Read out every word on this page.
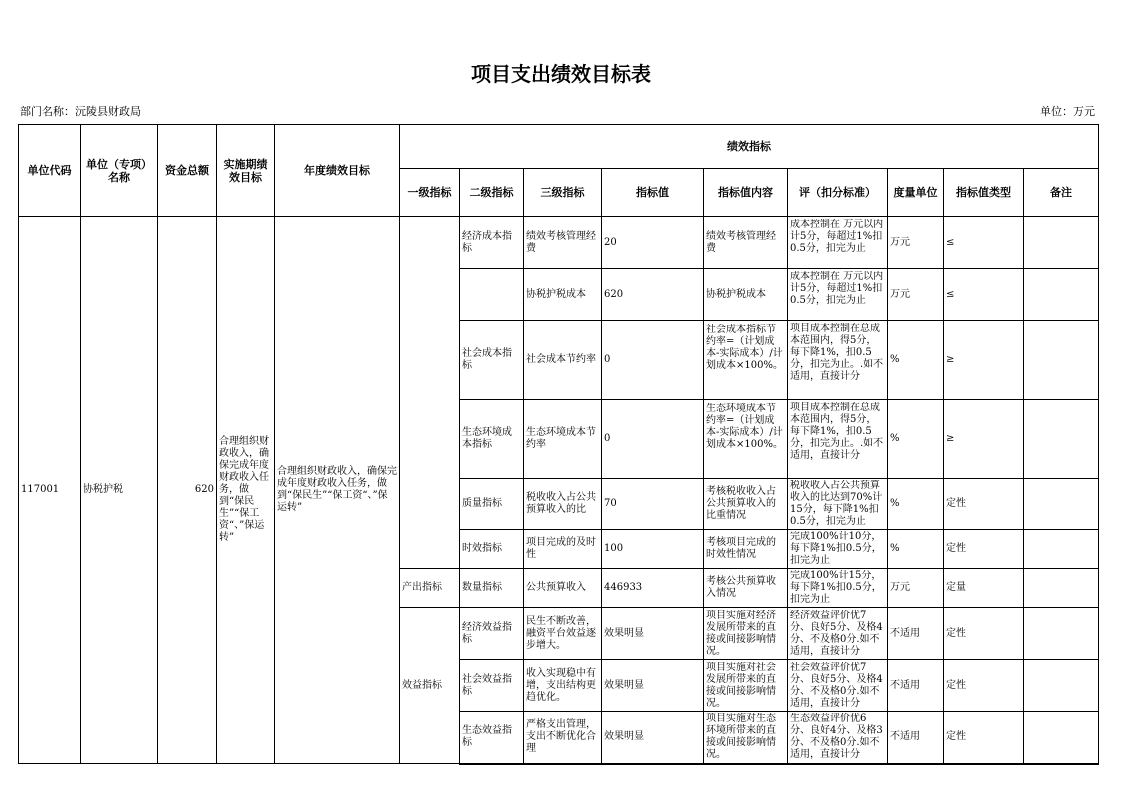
项目支出绩效目标表
部门名称：沅陵县财政局	单位：万元
单位代码	单位（专项）名称	资金总额	实施期绩效目标	年度绩效目标	绩效指标								
					一级指标	二级指标	三级指标	指标值	指标值内容	评（扣分标准）	度量单位	指标值类型	备注
117001	协税护税	620	合理组织财政收入，确保完成年度财政收入任务，做到“保民生”“保工资“、”保运转”	合理组织财政收入，确保完成年度财政收入任务，做到“保民生”“保工资“、”保运转”		经济成本指标	绩效考核管理经费	20	绩效考核管理经费	成本控制在 万元以内计5分，每超过1%扣0.5分，扣完为止	万元	≤	
							协税护税成本	620	协税护税成本	成本控制在 万元以内计5分，每超过1%扣0.5分，扣完为止	万元	≤	
						社会成本指标	社会成本节约率	0	社会成本指标节约率=（计划成本-实际成本）/计划成本×100%。	项目成本控制在总成本范围内，得5分，每下降1%，扣0.5分，扣完为止。.如不适用，直接计分	%	≥	
						生态环境成本指标	生态环境成本节约率	0	生态环境成本节约率=（计划成本-实际成本）/计划成本×100%。	项目成本控制在总成本范围内，得5分，每下降1%，扣0.5分，扣完为止。.如不适用，直接计分	%	≥	
						质量指标	税收收入占公共预算收入的比	70	考核税收收入占公共预算收入的比重情况	税收收入占公共预算收入的比达到70%计15分，每下降1%扣0.5分，扣完为止	%	定性	
						时效指标	项目完成的及时性	100	考核项目完成的时效性情况	完成100%计10分，每下降1%扣0.5分，扣完为止	%	定性	
					产出指标	数量指标	公共预算收入	446933	考核公共预算收入情况	完成100%计15分，每下降1%扣0.5分，扣完为止	万元	定量	
					效益指标	经济效益指标	民生不断改善，融资平台效益逐步增大。	效果明显	项目实施对经济发展所带来的直接或间接影响情况。	经济效益评价优7分、良好5分、及格4分、不及格0分.如不适用，直接计分	不适用	定性	
						社会效益指标	收入实现稳中有增，支出结构更趋优化。	效果明显	项目实施对社会发展所带来的直接或间接影响情况。	社会效益评价优7分、良好5分、及格4分、不及格0分.如不适用，直接计分	不适用	定性	
						生态效益指标	严格支出管理，支出不断优化合理	效果明显	项目实施对生态环境所带来的直接或间接影响情况。	生态效益评价优6分、良好4分、及格3分、不及格0分.如不适用，直接计分	不适用	定性	
